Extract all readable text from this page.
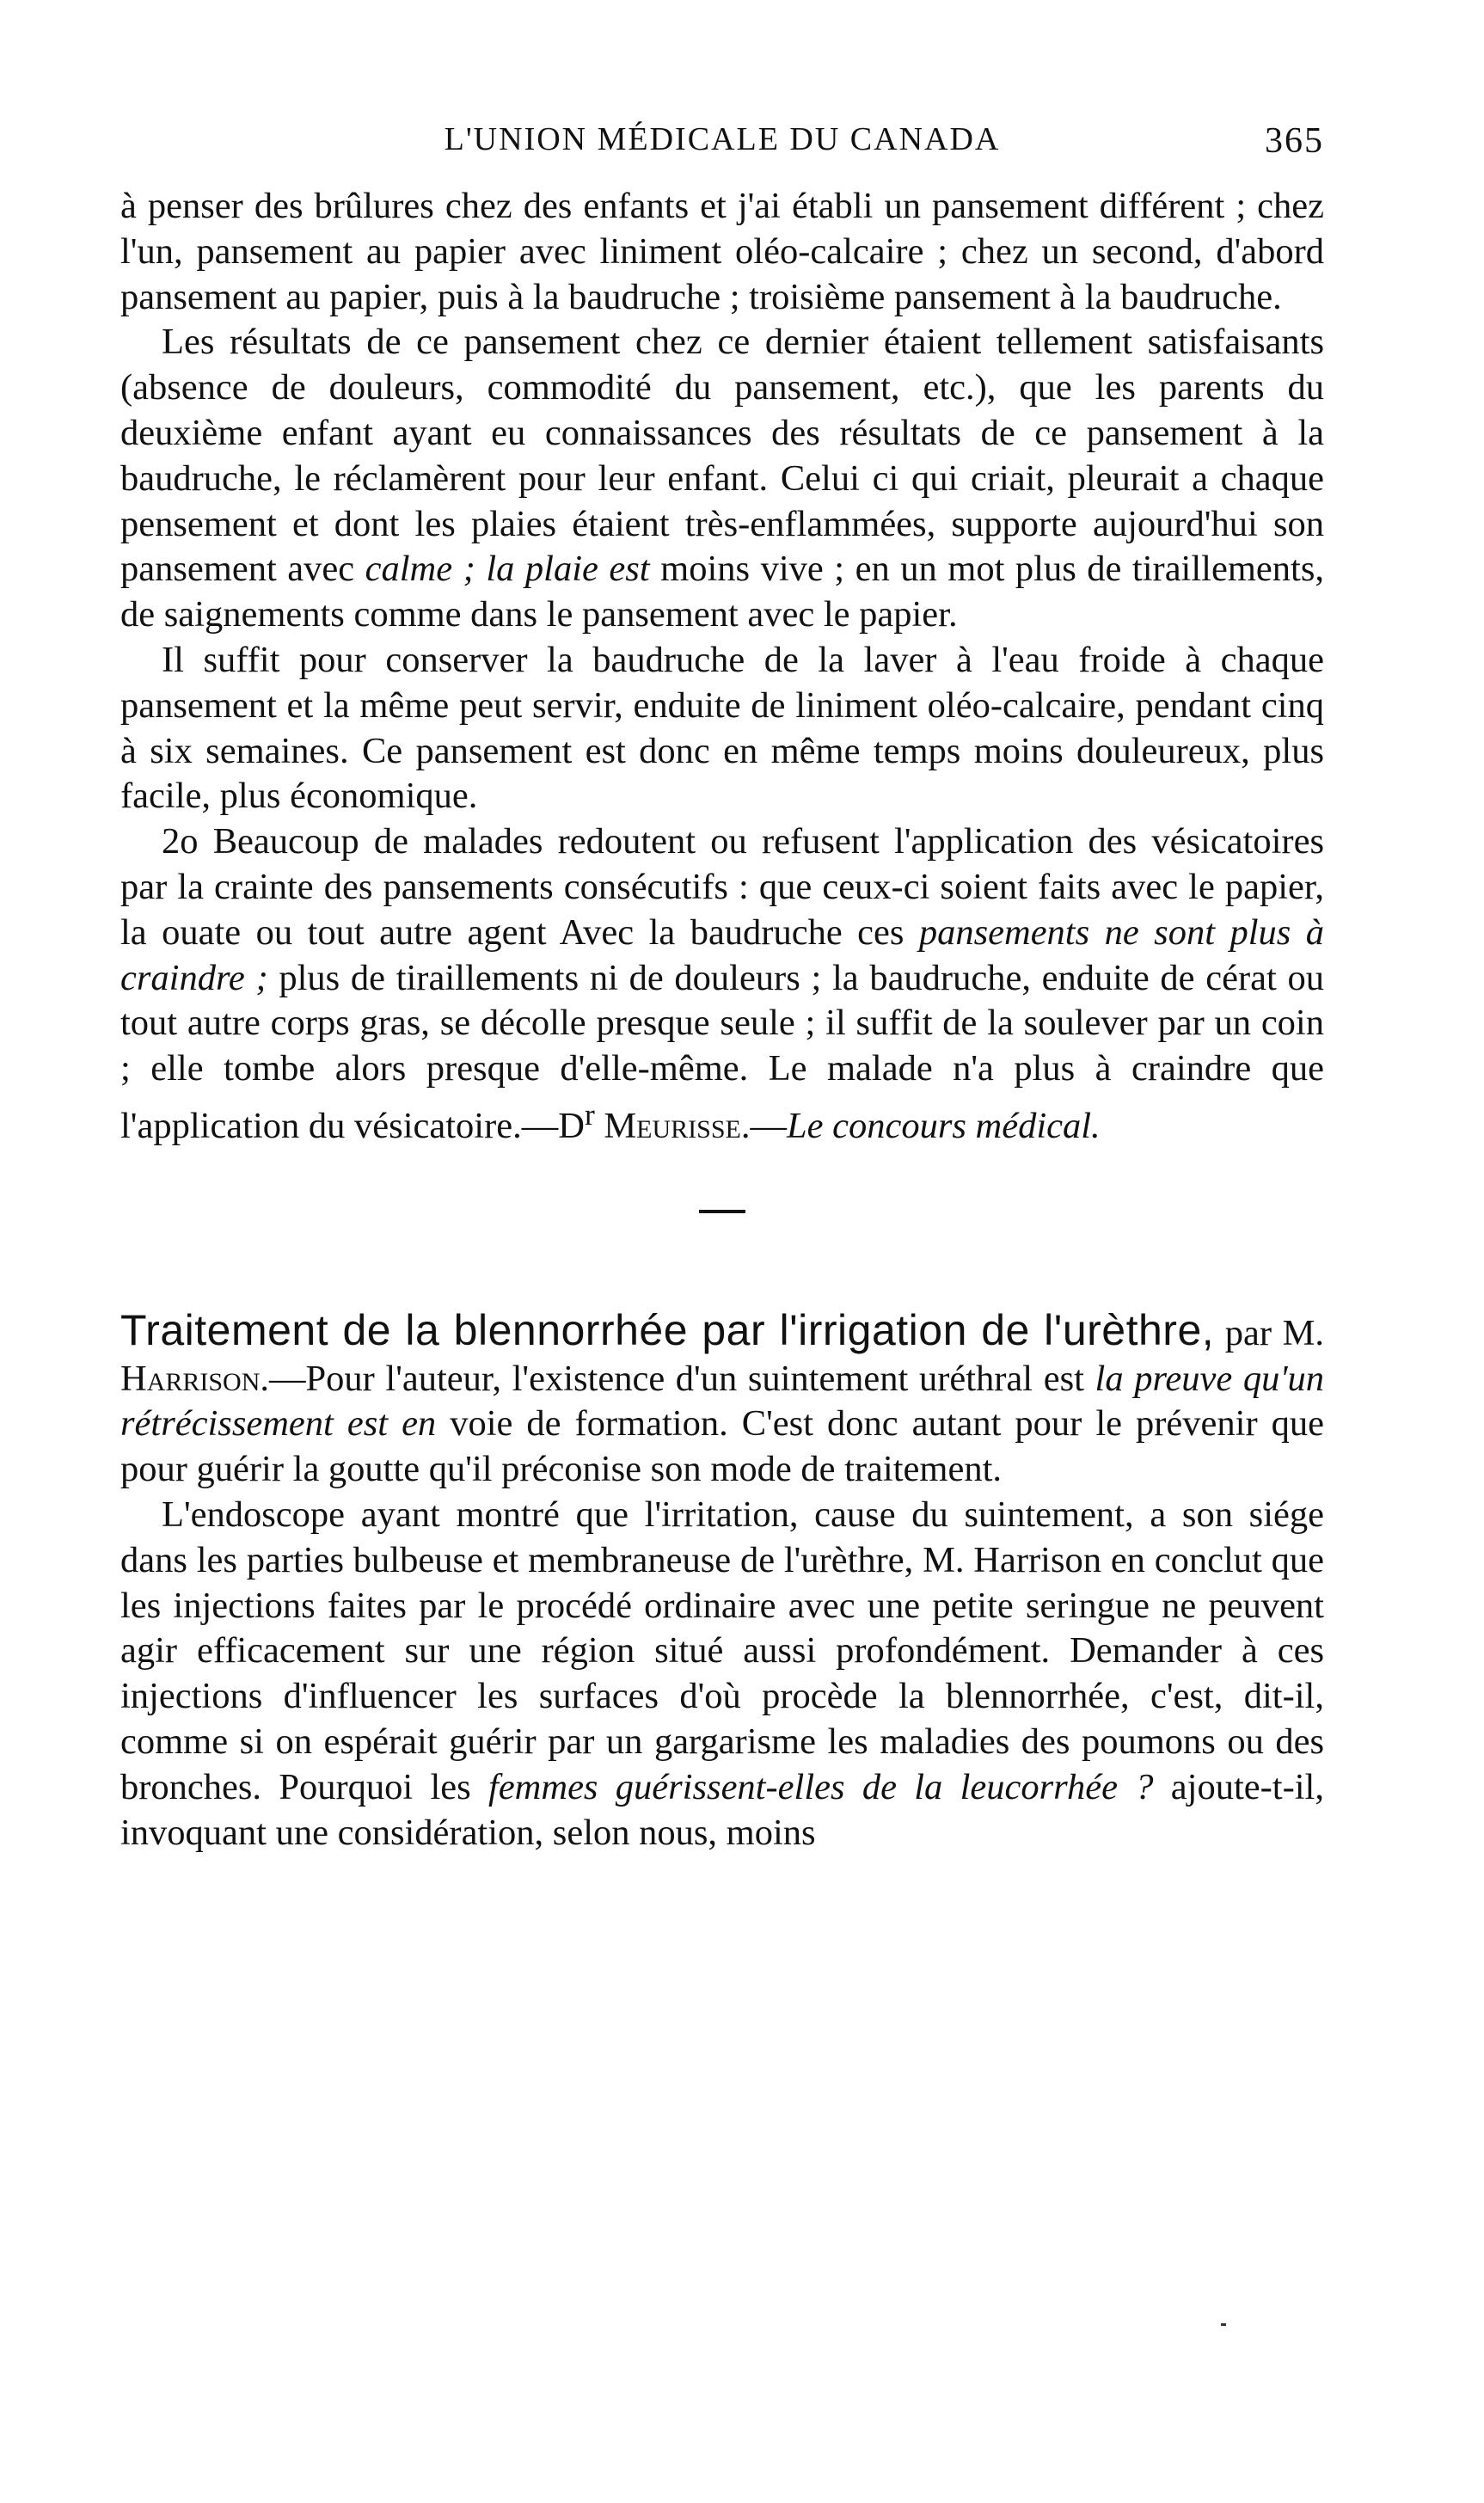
L'UNION MÉDICALE DU CANADA	365

à penser des brûlures chez des enfants et j'ai établi un pansement différent ; chez l'un, pansement au papier avec liniment oléo-calcaire ; chez un second, d'abord pansement au papier, puis à la baudruche ; troisième pansement à la baudruche.

Les résultats de ce pansement chez ce dernier étaient tellement satisfaisants (absence de douleurs, commodité du pansement, etc.), que les parents du deuxième enfant ayant eu connaissances des résultats de ce pansement à la baudruche, le réclamèrent pour leur enfant. Celui ci qui criait, pleurait a chaque pensement et dont les plaies étaient très-enflammées, supporte aujourd'hui son pansement avec calme ; la plaie est moins vive ; en un mot plus de tiraillements, de saignements comme dans le pansement avec le papier.

Il suffit pour conserver la baudruche de la laver à l'eau froide à chaque pansement et la même peut servir, enduite de liniment oléo-calcaire, pendant cinq à six semaines. Ce pansement est donc en même temps moins douleureux, plus facile, plus économique.

2o Beaucoup de malades redoutent ou refusent l'application des vésicatoires par la crainte des pansements consécutifs : que ceux-ci soient faits avec le papier, la ouate ou tout autre agent Avec la baudruche ces pansements ne sont plus à craindre ; plus de tiraillements ni de douleurs ; la baudruche, enduite de cérat ou tout autre corps gras, se décolle presque seule ; il suffit de la soulever par un coin ; elle tombe alors presque d'elle-même. Le malade n'a plus à craindre que l'application du $vésicatoire.—D^r$ Meurisse.—Le concours médical.

Traitement de la blennorrhée par l'irrigation de l'urèthre, par M. Harrison.—Pour l'auteur, l'existence d'un suintement uréthral est la preuve qu'un rétrécissement est en voie de formation. C'est donc autant pour le prévenir que pour guérir la goutte qu'il préconise son mode de traitement.

L'endoscope ayant montré que l'irritation, cause du suintement, a son siége dans les parties bulbeuse et membraneuse de l'urèthre, M. Harrison en conclut que les injections faites par le procédé ordinaire avec une petite seringue ne peuvent agir efficacement sur une région situé aussi profondément. Demander à ces injections d'influencer les surfaces d'où procède la blennorrhée, c'est, dit-il, comme si on espérait guérir par un gargarisme les maladies des poumons ou des bronches. Pourquoi les femmes guérissent-elles de la leucorrhée ? ajoute-t-il, invoquant une considération, selon nous, moins
